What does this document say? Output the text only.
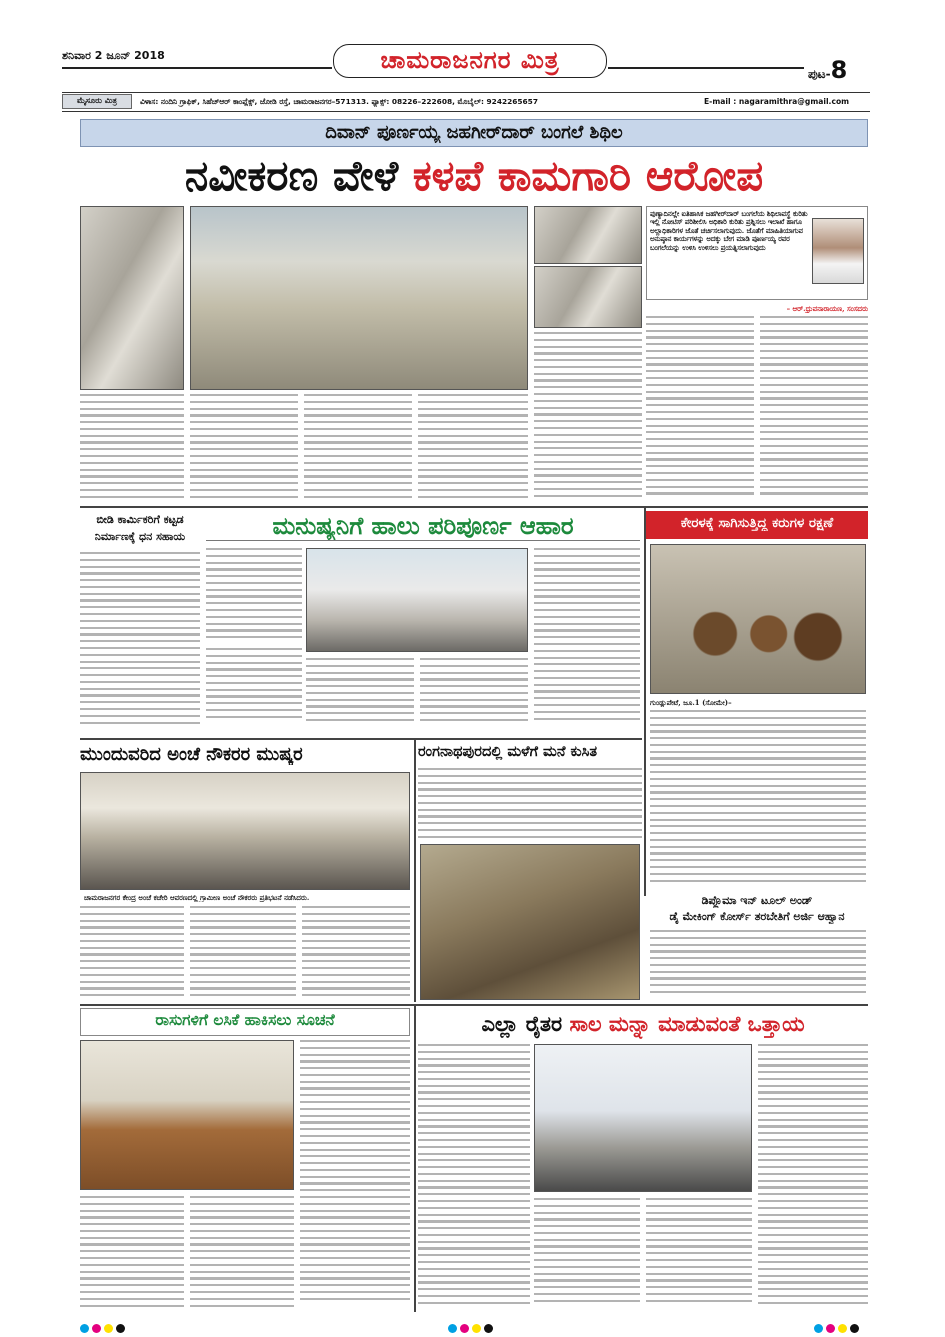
ಶನಿವಾರ 2 ಜೂನ್ 2018	ಚಾಮರಾಜನಗರ ಮಿತ್ರ	ಪುಟ-8
ಮೈಸೂರು ಮಿತ್ರ	ವಿಳಾಸ: ನಂದಿನಿ ಗ್ರಾಫಿಕ್, ಸಿಹೆಚ್‌ಆರ್ ಕಾಂಪ್ಲೆಕ್ಸ್, ಜೋಡಿ ರಸ್ತೆ, ಚಾಮರಾಜನಗರ–571313. ಫ್ಯಾಕ್ಸ್: 08226–222608, ಮೊಬೈಲ್: 9242265657	E-mail : nagaramithra@gmail.com
ದಿವಾನ್ ಪೂರ್ಣಯ್ಯ ಜಹಗೀರ್‌ದಾರ್ ಬಂಗಲೆ ಶಿಥಿಲ
ನವೀಕರಣ ವೇಳೆ ಕಳಪೆ ಕಾಮಗಾರಿ ಆರೋಪ
ಪುಣ್ಯಾದಿನಲ್ಲೇ ಐತಿಹಾಸಿಕ ಜಹಗೀರ್‌ದಾರ್ ಬಂಗಲೆಯ ಶಿಥಿಲಾವಸ್ಥೆ ಕುರಿತು ಇಲ್ಲಿ ನೋಟಿಸ್ ಪರಿಶೀಲಿಸಿ ಅಧಿಕಾರಿ ಕುರಿತು ಪ್ರಶ್ನಿಸಲು ಇಲಾಖೆ ಹಾಗೂ ಅಲ್ಲಾಧಿಕಾರಿಗಳ ಜೊತೆ ಚರ್ಚಿಸಲಾಗುವುದು. ಜೊತೆಗೆ ಮಾಹಿತಿಯಾಗುವ ಅನುಷ್ಠಾನ ಕಾರ್ಯಗಳನ್ನು ಅದಕ್ಕು ಬೇಗ ಮಾಡಿ ಪೂರ್ಣಯ್ಯ ರವರ ಬಂಗಲೆಯನ್ನು ಉಳಿಸಿ ಉಳಿಸಲು ಪ್ರಯತ್ನಿಸಲಾಗುವುದು
– ಆರ್.ಧ್ರುವನಾರಾಯಣ, ಸಂಸದರು
ಬೀಡಿ ಕಾರ್ಮಿಕರಿಗೆ ಕಟ್ಟಡ ನಿರ್ಮಾಣಕ್ಕೆ ಧನ ಸಹಾಯ	ಮನುಷ್ಯನಿಗೆ ಹಾಲು ಪರಿಪೂರ್ಣ ಆಹಾರ	ಕೇರಳಕ್ಕೆ ಸಾಗಿಸುತ್ತಿದ್ದ ಕರುಗಳ ರಕ್ಷಣೆ
ಗುಂಡ್ಲುಪೇಟೆ, ಜೂ.1 (ಸೋಮೇ)–
ಮುಂದುವರಿದ ಅಂಚೆ ನೌಕರರ ಮುಷ್ಕರ
ಚಾಮರಾಜನಗರ ಕೇಂದ್ರ ಅಂಚೆ ಕಚೇರಿ ಆವರಣದಲ್ಲಿ ಗ್ರಾಮೀಣ ಅಂಚೆ ನೌಕರರು ಪ್ರತಿಭಟನೆ ನಡೆಸಿದರು.
ರಂಗನಾಥಪುರದಲ್ಲಿ ಮಳೆಗೆ ಮನೆ ಕುಸಿತ
ಡಿಪ್ಲೊಮಾ ಇನ್ ಟೂಲ್ ಅಂಡ್
ಡೈ ಮೇಕಿಂಗ್ ಕೋರ್ಸ್ ತರಬೇತಿಗೆ ಅರ್ಜಿ ಆಹ್ವಾನ
ರಾಸುಗಳಿಗೆ ಲಸಿಕೆ ಹಾಕಿಸಲು ಸೂಚನೆ	ಎಲ್ಲಾ ರೈತರ ಸಾಲ ಮನ್ನಾ ಮಾಡುವಂತೆ ಒತ್ತಾಯ
